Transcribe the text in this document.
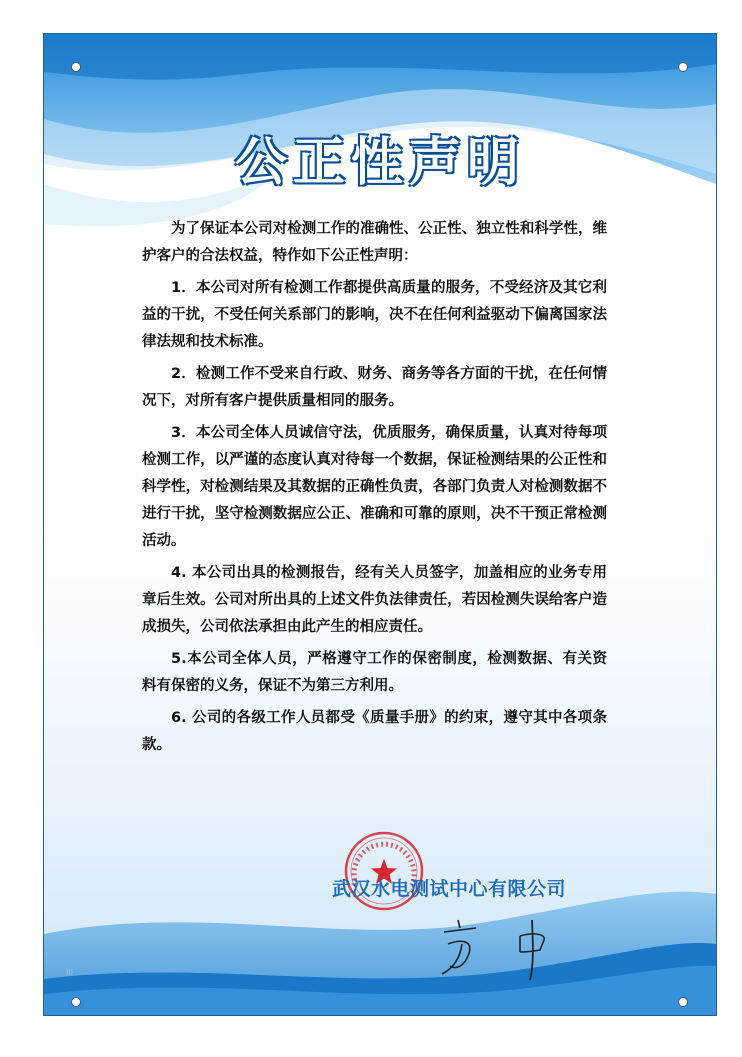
公正性声明

为了保证本公司对检测工作的准确性、公正性、独立性和科学性，维护客户的合法权益，特作如下公正性声明：

1．本公司对所有检测工作都提供高质量的服务，不受经济及其它利益的干扰，不受任何关系部门的影响，决不在任何利益驱动下偏离国家法律法规和技术标准。

2．检测工作不受来自行政、财务、商务等各方面的干扰，在任何情况下，对所有客户提供质量相同的服务。

3．本公司全体人员诚信守法，优质服务，确保质量，认真对待每项检测工作，以严谨的态度认真对待每一个数据，保证检测结果的公正性和科学性，对检测结果及其数据的正确性负责，各部门负责人对检测数据不进行干扰，坚守检测数据应公正、准确和可靠的原则，决不干预正常检测活动。

4. 本公司出具的检测报告，经有关人员签字，加盖相应的业务专用章后生效。公司对所出具的上述文件负法律责任，若因检测失误给客户造成损失，公司依法承担由此产生的相应责任。

5.本公司全体人员，严格遵守工作的保密制度，检测数据、有关资料有保密的义务，保证不为第三方利用。

6. 公司的各级工作人员都受《质量手册》的约束，遵守其中各项条款。

武汉水电测试中心有限公司
III
